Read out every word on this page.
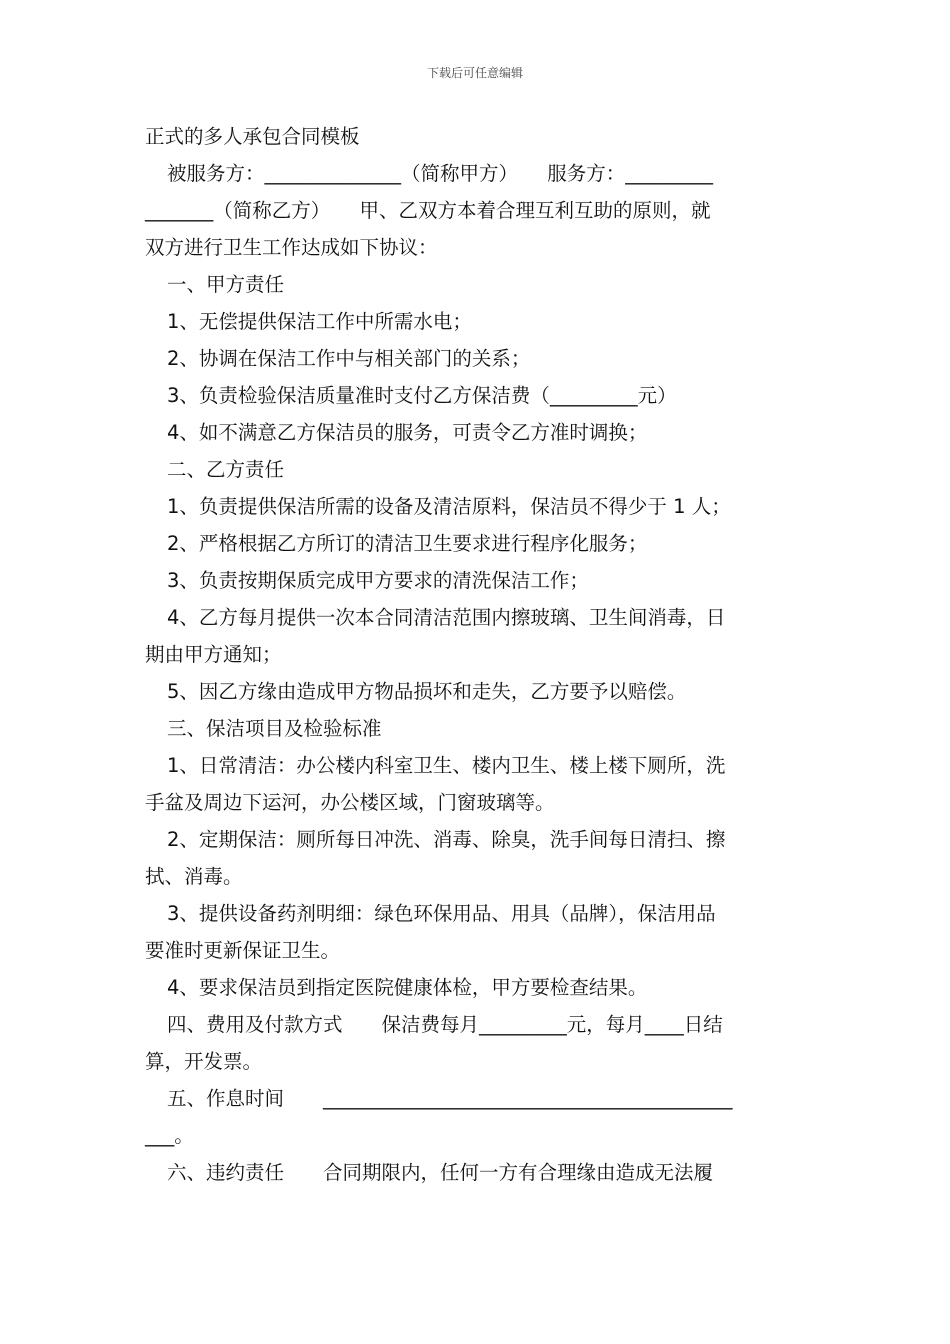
下载后可任意编辑
正式的多人承包合同模板
被服务方：______________（简称甲方）　　服务方：_________
_______（简称乙方）　　甲、乙双方本着合理互利互助的原则，就
双方进行卫生工作达成如下协议：
一、甲方责任
1、无偿提供保洁工作中所需水电；
2、协调在保洁工作中与相关部门的关系；
3、负责检验保洁质量准时支付乙方保洁费（_________元）
4、如不满意乙方保洁员的服务，可责令乙方准时调换；
二、乙方责任
1、负责提供保洁所需的设备及清洁原料，保洁员不得少于 1 人；
2、严格根据乙方所订的清洁卫生要求进行程序化服务；
3、负责按期保质完成甲方要求的清洗保洁工作；
4、乙方每月提供一次本合同清洁范围内擦玻璃、卫生间消毒，日
期由甲方通知；
5、因乙方缘由造成甲方物品损坏和走失，乙方要予以赔偿。
三、保洁项目及检验标准
1、日常清洁：办公楼内科室卫生、楼内卫生、楼上楼下厕所，洗
手盆及周边下运河，办公楼区域，门窗玻璃等。
2、定期保洁：厕所每日冲洗、消毒、除臭，洗手间每日清扫、擦
拭、消毒。
3、提供设备药剂明细：绿色环保用品、用具（品牌），保洁用品
要准时更新保证卫生。
4、要求保洁员到指定医院健康体检，甲方要检查结果。
四、费用及付款方式　　保洁费每月_________元，每月____日结
算，开发票。
五、作息时间　　__________________________________________
___。
六、违约责任　　合同期限内，任何一方有合理缘由造成无法履
